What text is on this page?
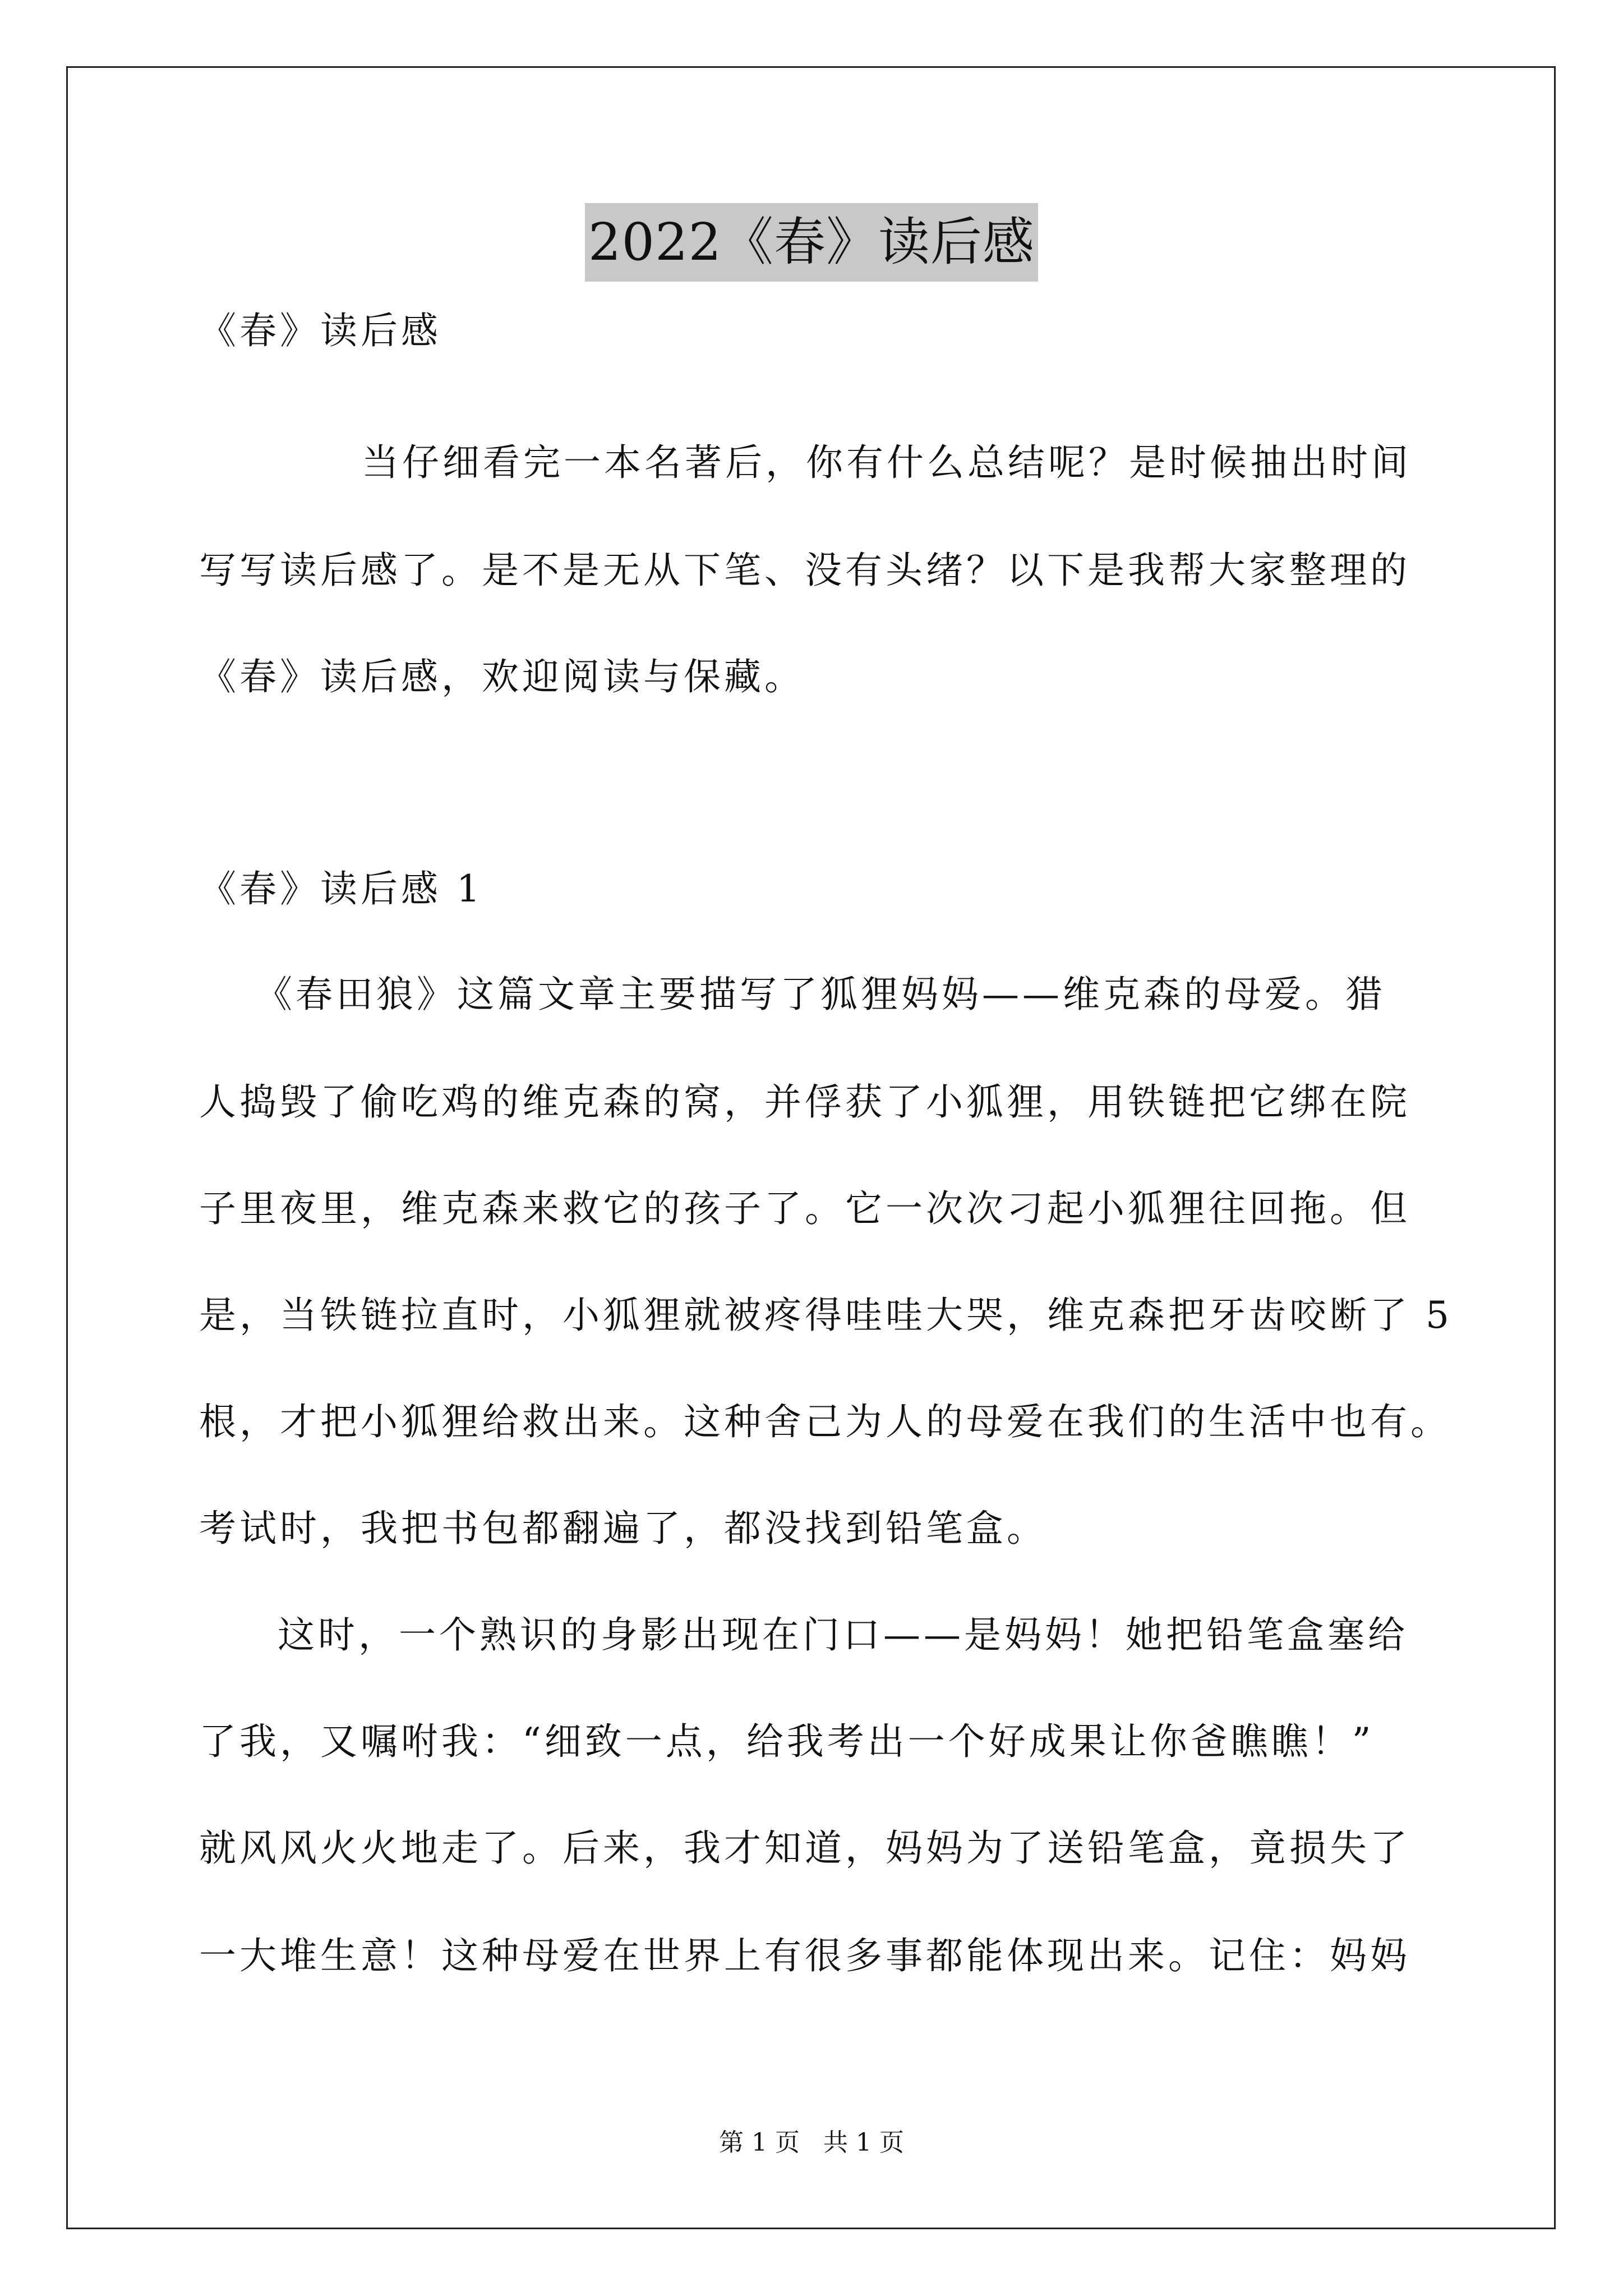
2022《春》读后感
《春》读后感
当仔细看完一本名著后，你有什么总结呢？是时候抽出时间
写写读后感了。是不是无从下笔、没有头绪？以下是我帮大家整理的
《春》读后感，欢迎阅读与保藏。
《春》读后感 1
《春田狼》这篇文章主要描写了狐狸妈妈——维克森的母爱。猎
人捣毁了偷吃鸡的维克森的窝，并俘获了小狐狸，用铁链把它绑在院
子里夜里，维克森来救它的孩子了。它一次次刁起小狐狸往回拖。但
是，当铁链拉直时，小狐狸就被疼得哇哇大哭，维克森把牙齿咬断了 5
根，才把小狐狸给救出来。这种舍己为人的母爱在我们的生活中也有。
考试时，我把书包都翻遍了，都没找到铅笔盒。
这时，一个熟识的身影出现在门口——是妈妈！她把铅笔盒塞给
了我，又嘱咐我：“细致一点，给我考出一个好成果让你爸瞧瞧！”
就风风火火地走了。后来，我才知道，妈妈为了送铅笔盒，竟损失了
一大堆生意！这种母爱在世界上有很多事都能体现出来。记住：妈妈
第 1 页 共 1 页
